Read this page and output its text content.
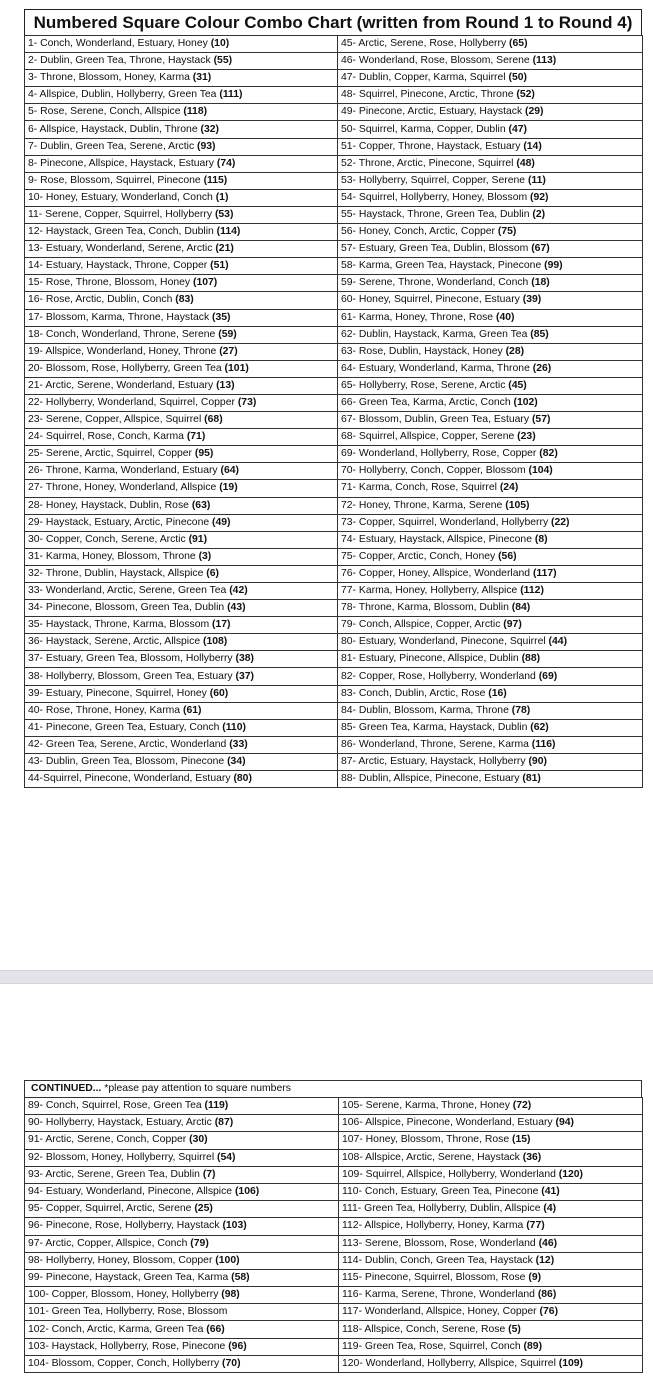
Numbered Square Colour Combo Chart (written from Round 1 to Round 4)
1- Conch, Wonderland, Estuary, Honey (10)	45- Arctic, Serene, Rose, Hollyberry (65)
2- Dublin, Green Tea, Throne, Haystack (55)	46- Wonderland, Rose, Blossom, Serene (113)
3- Throne, Blossom, Honey, Karma (31)	47- Dublin, Copper, Karma, Squirrel (50)
4- Allspice, Dublin, Hollyberry, Green Tea (111)	48- Squirrel, Pinecone, Arctic, Throne (52)
5- Rose, Serene, Conch, Allspice (118)	49- Pinecone, Arctic, Estuary, Haystack (29)
6- Allspice, Haystack, Dublin, Throne (32)	50- Squirrel, Karma, Copper, Dublin (47)
7- Dublin, Green Tea, Serene, Arctic (93)	51- Copper, Throne, Haystack, Estuary (14)
8- Pinecone, Allspice, Haystack, Estuary (74)	52- Throne, Arctic, Pinecone, Squirrel (48)
9- Rose, Blossom, Squirrel, Pinecone (115)	53- Hollyberry, Squirrel, Copper, Serene (11)
10- Honey, Estuary, Wonderland, Conch (1)	54- Squirrel, Hollyberry, Honey, Blossom (92)
11- Serene, Copper, Squirrel, Hollyberry (53)	55- Haystack, Throne, Green Tea, Dublin (2)
12- Haystack, Green Tea, Conch, Dublin (114)	56- Honey, Conch, Arctic, Copper (75)
13- Estuary, Wonderland, Serene, Arctic (21)	57- Estuary, Green Tea, Dublin, Blossom (67)
14- Estuary, Haystack, Throne, Copper (51)	58- Karma, Green Tea, Haystack, Pinecone (99)
15- Rose, Throne, Blossom, Honey (107)	59- Serene, Throne, Wonderland, Conch (18)
16- Rose, Arctic, Dublin, Conch (83)	60- Honey, Squirrel, Pinecone, Estuary (39)
17- Blossom, Karma, Throne, Haystack (35)	61- Karma, Honey, Throne, Rose (40)
18- Conch, Wonderland, Throne, Serene (59)	62- Dublin, Haystack, Karma, Green Tea (85)
19- Allspice, Wonderland, Honey, Throne (27)	63- Rose, Dublin, Haystack, Honey (28)
20- Blossom, Rose, Hollyberry, Green Tea (101)	64- Estuary, Wonderland, Karma, Throne (26)
21- Arctic, Serene, Wonderland, Estuary (13)	65- Hollyberry, Rose, Serene, Arctic (45)
22- Hollyberry, Wonderland, Squirrel, Copper (73)	66- Green Tea, Karma, Arctic, Conch (102)
23- Serene, Copper, Allspice, Squirrel (68)	67- Blossom, Dublin, Green Tea, Estuary (57)
24- Squirrel, Rose, Conch, Karma (71)	68- Squirrel, Allspice, Copper, Serene (23)
25- Serene, Arctic, Squirrel, Copper (95)	69- Wonderland, Hollyberry, Rose, Copper (82)
26- Throne, Karma, Wonderland, Estuary (64)	70- Hollyberry, Conch, Copper, Blossom (104)
27- Throne, Honey, Wonderland, Allspice (19)	71- Karma, Conch, Rose, Squirrel (24)
28- Honey, Haystack, Dublin, Rose (63)	72- Honey, Throne, Karma, Serene (105)
29- Haystack, Estuary, Arctic, Pinecone (49)	73- Copper, Squirrel, Wonderland, Hollyberry (22)
30- Copper, Conch, Serene, Arctic (91)	74- Estuary, Haystack, Allspice, Pinecone (8)
31- Karma, Honey, Blossom, Throne (3)	75- Copper, Arctic, Conch, Honey (56)
32- Throne, Dublin, Haystack, Allspice (6)	76- Copper, Honey, Allspice, Wonderland (117)
33- Wonderland, Arctic, Serene, Green Tea (42)	77- Karma, Honey, Hollyberry, Allspice (112)
34- Pinecone, Blossom, Green Tea, Dublin (43)	78- Throne, Karma, Blossom, Dublin (84)
35- Haystack, Throne, Karma, Blossom (17)	79- Conch, Allspice, Copper, Arctic (97)
36- Haystack, Serene, Arctic, Allspice (108)	80- Estuary, Wonderland, Pinecone, Squirrel (44)
37- Estuary, Green Tea, Blossom, Hollyberry (38)	81- Estuary, Pinecone, Allspice, Dublin (88)
38- Hollyberry, Blossom, Green Tea, Estuary (37)	82- Copper, Rose, Hollyberry, Wonderland (69)
39- Estuary, Pinecone, Squirrel, Honey (60)	83- Conch, Dublin, Arctic, Rose (16)
40- Rose, Throne, Honey, Karma (61)	84- Dublin, Blossom, Karma, Throne (78)
41- Pinecone, Green Tea, Estuary, Conch (110)	85- Green Tea, Karma, Haystack, Dublin (62)
42- Green Tea, Serene, Arctic, Wonderland (33)	86- Wonderland, Throne, Serene, Karma (116)
43- Dublin, Green Tea, Blossom, Pinecone (34)	87- Arctic, Estuary, Haystack, Hollyberry (90)
44-Squirrel, Pinecone, Wonderland, Estuary (80)	88- Dublin, Allspice, Pinecone, Estuary (81)
CONTINUED... *please pay attention to square numbers
89- Conch, Squirrel, Rose, Green Tea (119)	105- Serene, Karma, Throne, Honey (72)
90- Hollyberry, Haystack, Estuary, Arctic (87)	106- Allspice, Pinecone, Wonderland, Estuary (94)
91- Arctic, Serene, Conch, Copper (30)	107- Honey, Blossom, Throne, Rose (15)
92- Blossom, Honey, Hollyberry, Squirrel (54)	108- Allspice, Arctic, Serene, Haystack (36)
93- Arctic, Serene, Green Tea, Dublin (7)	109- Squirrel, Allspice, Hollyberry, Wonderland (120)
94- Estuary, Wonderland, Pinecone, Allspice (106)	110- Conch, Estuary, Green Tea, Pinecone (41)
95- Copper, Squirrel, Arctic, Serene (25)	111- Green Tea, Hollyberry, Dublin, Allspice (4)
96- Pinecone, Rose, Hollyberry, Haystack (103)	112- Allspice, Hollyberry, Honey, Karma (77)
97- Arctic, Copper, Allspice, Conch (79)	113- Serene, Blossom, Rose, Wonderland (46)
98- Hollyberry, Honey, Blossom, Copper (100)	114- Dublin, Conch, Green Tea, Haystack (12)
99- Pinecone, Haystack, Green Tea, Karma (58)	115- Pinecone, Squirrel, Blossom, Rose (9)
100- Copper, Blossom, Honey, Hollyberry (98)	116- Karma, Serene, Throne, Wonderland (86)
101- Green Tea, Hollyberry, Rose, Blossom	117- Wonderland, Allspice, Honey, Copper (76)
102- Conch, Arctic, Karma, Green Tea (66)	118- Allspice, Conch, Serene, Rose (5)
103- Haystack, Hollyberry, Rose, Pinecone (96)	119- Green Tea, Rose, Squirrel, Conch (89)
104- Blossom, Copper, Conch, Hollyberry (70)	120- Wonderland, Hollyberry, Allspice, Squirrel (109)
